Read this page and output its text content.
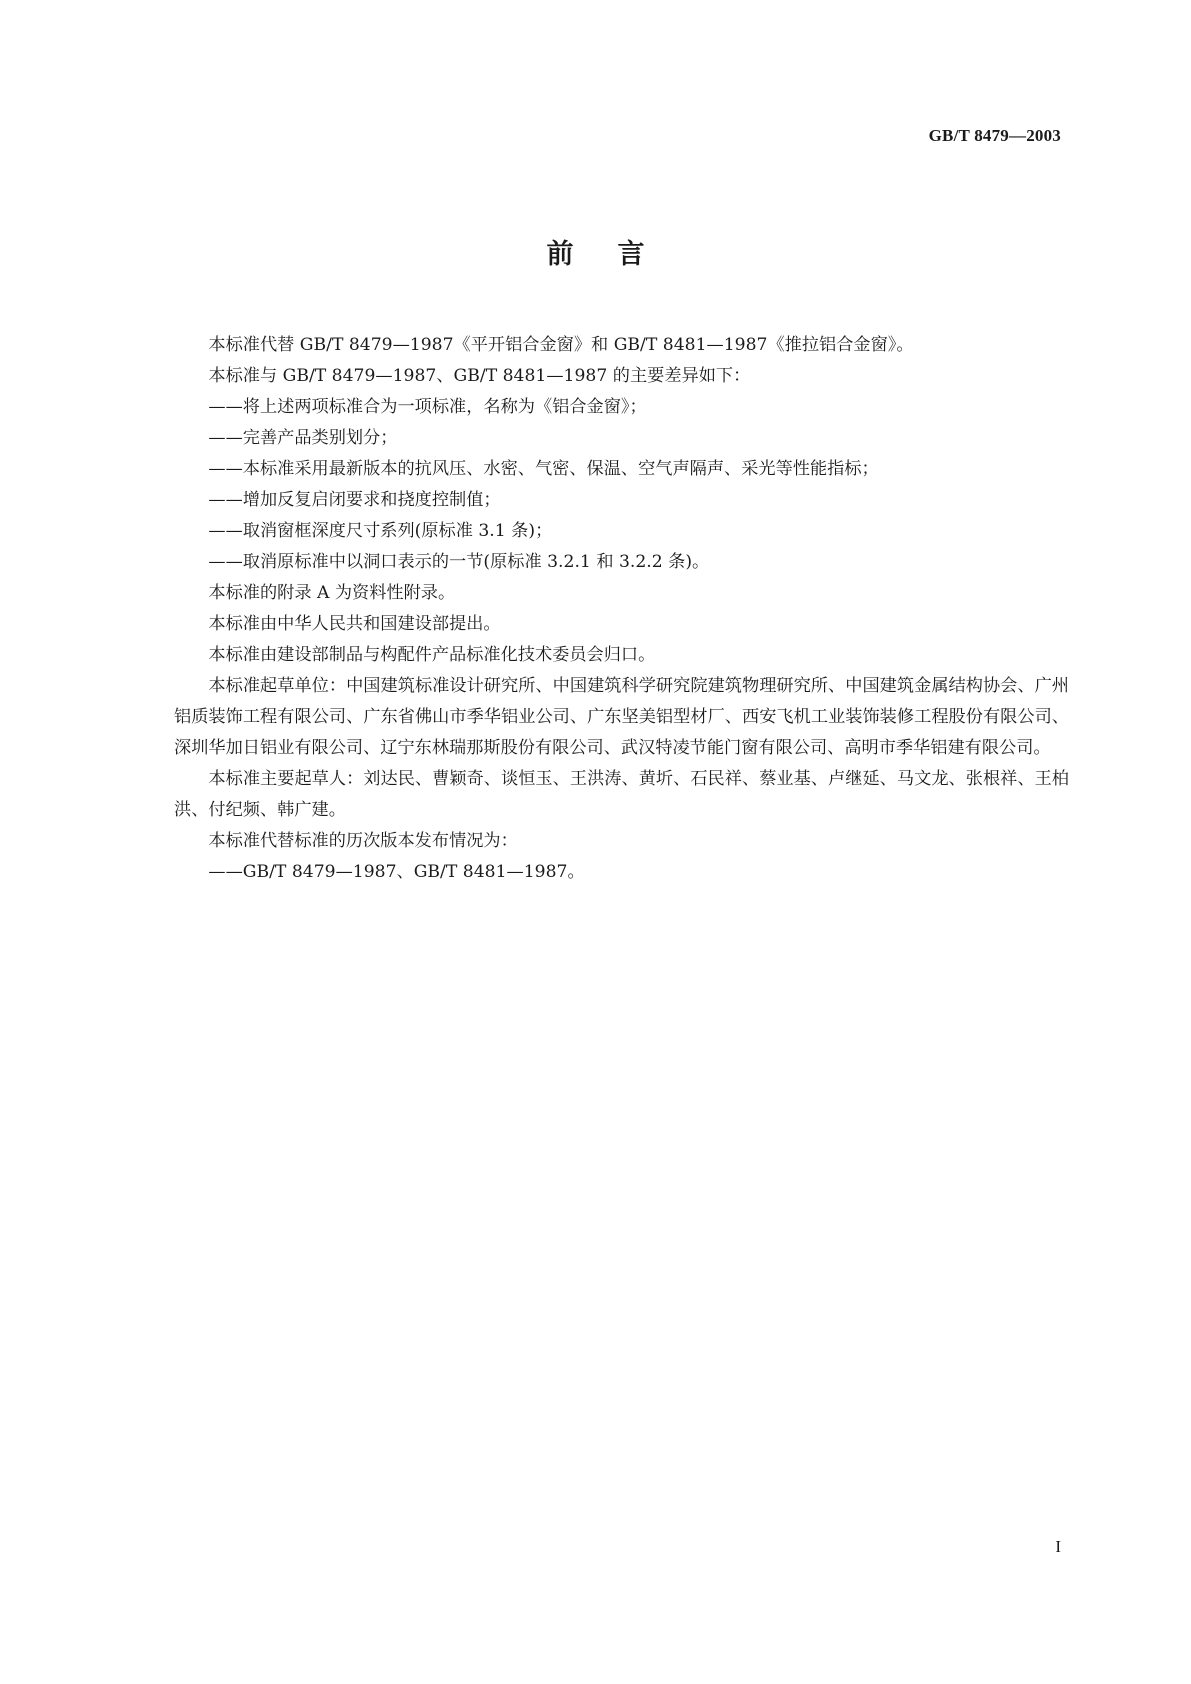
GB/T 8479—2003
前言

本标准代替 GB/T 8479—1987《平开铝合金窗》和 GB/T 8481—1987《推拉铝合金窗》。

本标准与 GB/T 8479—1987、GB/T 8481—1987 的主要差异如下：

——将上述两项标准合为一项标准，名称为《铝合金窗》；

——完善产品类别划分；

——本标准采用最新版本的抗风压、水密、气密、保温、空气声隔声、采光等性能指标；

——增加反复启闭要求和挠度控制值；

——取消窗框深度尺寸系列(原标准 3.1 条)；

——取消原标准中以洞口表示的一节(原标准 3.2.1 和 3.2.2 条)。

本标准的附录 A 为资料性附录。

本标准由中华人民共和国建设部提出。

本标准由建设部制品与构配件产品标准化技术委员会归口。

本标准起草单位：中国建筑标准设计研究所、中国建筑科学研究院建筑物理研究所、中国建筑金属结构协会、广州铝质装饰工程有限公司、广东省佛山市季华铝业公司、广东坚美铝型材厂、西安飞机工业装饰装修工程股份有限公司、深圳华加日铝业有限公司、辽宁东林瑞那斯股份有限公司、武汉特凌节能门窗有限公司、高明市季华铝建有限公司。

本标准主要起草人：刘达民、曹颖奇、谈恒玉、王洪涛、黄圻、石民祥、蔡业基、卢继延、马文龙、张根祥、王柏洪、付纪频、韩广建。

本标准代替标准的历次版本发布情况为：

——GB/T 8479—1987、GB/T 8481—1987。

I
